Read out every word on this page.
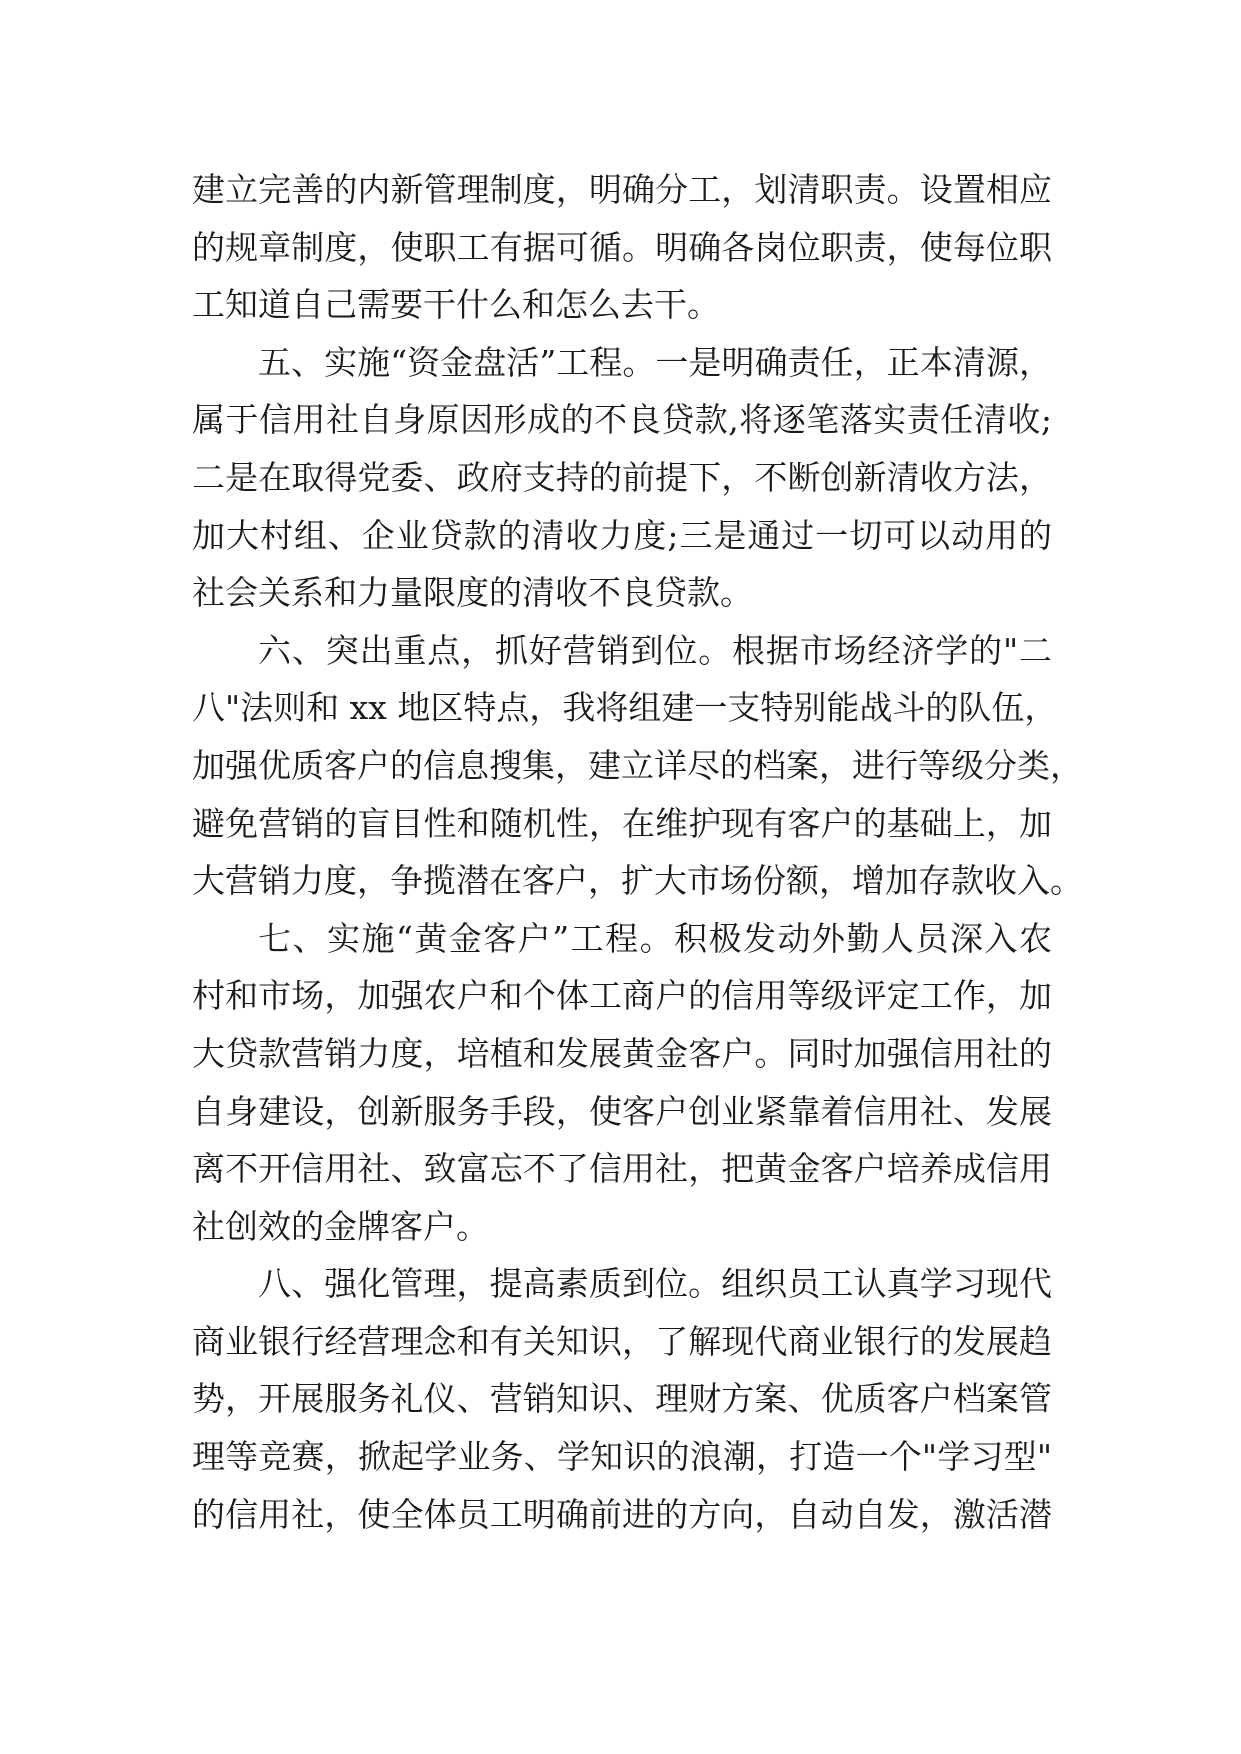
建立完善的内新管理制度，明确分工，划清职责。设置相应
的规章制度，使职工有据可循。明确各岗位职责，使每位职
工知道自己需要干什么和怎么去干。
五、实施“资金盘活”工程。一是明确责任，正本清源，
属于信用社自身原因形成的不良贷款,将逐笔落实责任清收;
二是在取得党委、政府支持的前提下，不断创新清收方法，
加大村组、企业贷款的清收力度;三是通过一切可以动用的
社会关系和力量限度的清收不良贷款。
六、突出重点，抓好营销到位。根据市场经济学的"二
八"法则和 xx 地区特点，我将组建一支特别能战斗的队伍，
加强优质客户的信息搜集，建立详尽的档案，进行等级分类，
避免营销的盲目性和随机性，在维护现有客户的基础上，加
大营销力度，争揽潜在客户，扩大市场份额，增加存款收入。
七、实施“黄金客户”工程。积极发动外勤人员深入农
村和市场，加强农户和个体工商户的信用等级评定工作，加
大贷款营销力度，培植和发展黄金客户。同时加强信用社的
自身建设，创新服务手段，使客户创业紧靠着信用社、发展
离不开信用社、致富忘不了信用社，把黄金客户培养成信用
社创效的金牌客户。
八、强化管理，提高素质到位。组织员工认真学习现代
商业银行经营理念和有关知识，了解现代商业银行的发展趋
势，开展服务礼仪、营销知识、理财方案、优质客户档案管
理等竞赛，掀起学业务、学知识的浪潮，打造一个"学习型"
的信用社，使全体员工明确前进的方向，自动自发，激活潜
